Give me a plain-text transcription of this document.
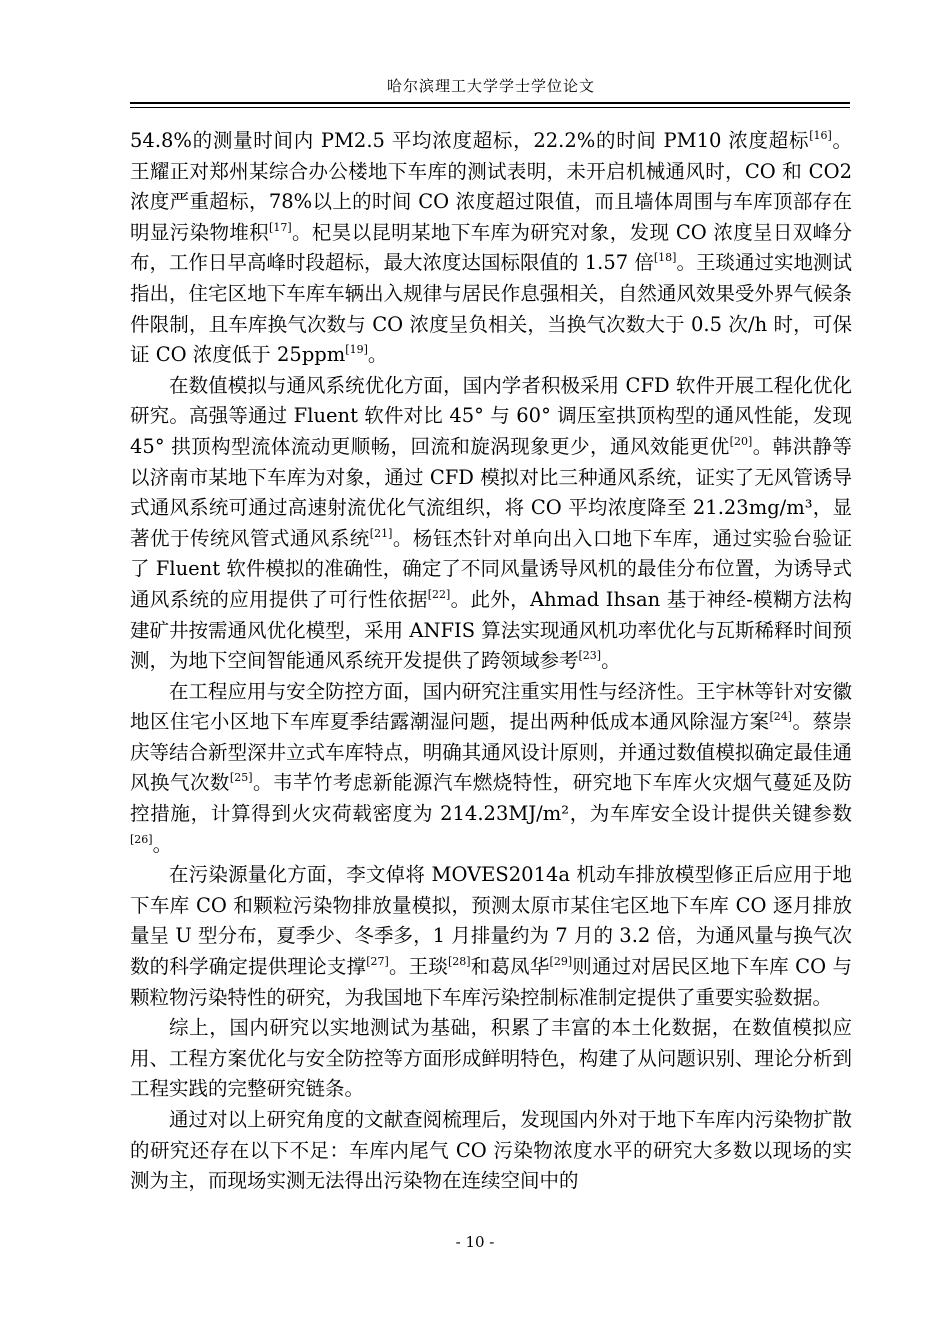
哈尔滨理工大学学士学位论文

54.8%的测量时间内 PM2.5 平均浓度超标，22.2%的时间 PM10 浓度超标[16]。王耀正对郑州某综合办公楼地下车库的测试表明，未开启机械通风时，CO 和 CO2 浓度严重超标，78%以上的时间 CO 浓度超过限值，而且墙体周围与车库顶部存在明显污染物堆积[17]。杞昊以昆明某地下车库为研究对象，发现 CO 浓度呈日双峰分布，工作日早高峰时段超标，最大浓度达国标限值的 1.57 倍[18]。王琰通过实地测试指出，住宅区地下车库车辆出入规律与居民作息强相关，自然通风效果受外界气候条件限制，且车库换气次数与 CO 浓度呈负相关，当换气次数大于 0.5 次/h 时，可保证 CO 浓度低于 25ppm[19]。

在数值模拟与通风系统优化方面，国内学者积极采用 CFD 软件开展工程化优化研究。高强等通过 Fluent 软件对比 45° 与 60° 调压室拱顶构型的通风性能，发现 45° 拱顶构型流体流动更顺畅，回流和旋涡现象更少，通风效能更优[20]。韩洪静等以济南市某地下车库为对象，通过 CFD 模拟对比三种通风系统，证实了无风管诱导式通风系统可通过高速射流优化气流组织，将 CO 平均浓度降至 21.23mg/m³，显著优于传统风管式通风系统[21]。杨钰杰针对单向出入口地下车库，通过实验台验证了 Fluent 软件模拟的准确性，确定了不同风量诱导风机的最佳分布位置，为诱导式通风系统的应用提供了可行性依据[22]。此外，Ahmad Ihsan 基于神经-模糊方法构建矿井按需通风优化模型，采用 ANFIS 算法实现通风机功率优化与瓦斯稀释时间预测，为地下空间智能通风系统开发提供了跨领域参考[23]。

在工程应用与安全防控方面，国内研究注重实用性与经济性。王宇林等针对安徽地区住宅小区地下车库夏季结露潮湿问题，提出两种低成本通风除湿方案[24]。蔡崇庆等结合新型深井立式车库特点，明确其通风设计原则，并通过数值模拟确定最佳通风换气次数[25]。韦芊竹考虑新能源汽车燃烧特性，研究地下车库火灾烟气蔓延及防控措施，计算得到火灾荷载密度为 214.23MJ/m²，为车库安全设计提供关键参数[26]。

在污染源量化方面，李文倬将 MOVES2014a 机动车排放模型修正后应用于地下车库 CO 和颗粒污染物排放量模拟，预测太原市某住宅区地下车库 CO 逐月排放量呈 U 型分布，夏季少、冬季多，1 月排量约为 7 月的 3.2 倍，为通风量与换气次数的科学确定提供理论支撑[27]。王琰[28]和葛凤华[29]则通过对居民区地下车库 CO 与颗粒物污染特性的研究，为我国地下车库污染控制标准制定提供了重要实验数据。

综上，国内研究以实地测试为基础，积累了丰富的本土化数据，在数值模拟应用、工程方案优化与安全防控等方面形成鲜明特色，构建了从问题识别、理论分析到工程实践的完整研究链条。

通过对以上研究角度的文献查阅梳理后，发现国内外对于地下车库内污染物扩散的研究还存在以下不足：车库内尾气 CO 污染物浓度水平的研究大多数以现场的实测为主，而现场实测无法得出污染物在连续空间中的

- 10 -
